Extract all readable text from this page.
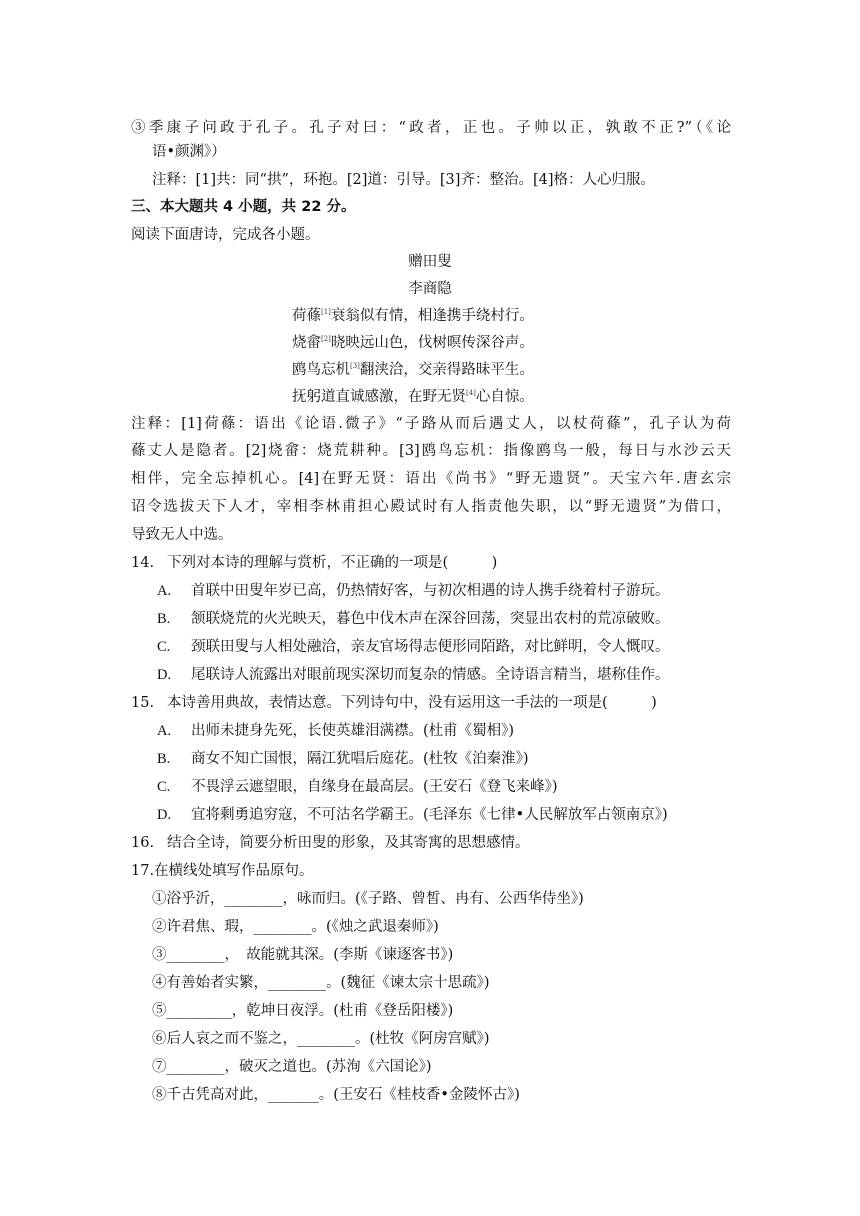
③季康子问政于孔子。孔子对曰：“政者，正也。子帅以正，孰敢不正?”（《论
语•颜渊》）
注释：[1]共：同“拱”，环抱。[2]道：引导。[3]齐：整治。[4]格：人心归服。
三、本大题共 4 小题，共 22 分。
阅读下面唐诗，完成各小题。
赠田叟
李商隐
荷蓧[1]衰翁似有情，相逢携手绕村行。
烧畲[2]晓映远山色，伐树暝传深谷声。
鸥鸟忘机[3]翻浃洽，交亲得路昧平生。
抚躬道直诚感激，在野无贤[4]心自惊。
注释：[1]荷蓧：语出《论语.微子》“子路从而后遇丈人，以杖荷蓧”，孔子认为荷
蓧丈人是隐者。[2]烧畲：烧荒耕种。[3]鸥鸟忘机：指像鸥鸟一般，每日与水沙云天
相伴，完全忘掉机心。[4]在野无贤：语出《尚书》“野无遗贤”。天宝六年.唐玄宗
诏令选拔天下人才，宰相李林甫担心殿试时有人指责他失职，以“野无遗贤”为借口，
导致无人中选。
14. 下列对本诗的理解与赏析，不正确的一项是(　　　)
A. 首联中田叟年岁已高，仍热情好客，与初次相遇的诗人携手绕着村子游玩。
B. 颔联烧荒的火光映天，暮色中伐木声在深谷回荡，突显出农村的荒凉破败。
C. 颈联田叟与人相处融洽，亲友官场得志便形同陌路，对比鲜明，令人慨叹。
D. 尾联诗人流露出对眼前现实深切而复杂的情感。全诗语言精当，堪称佳作。
15. 本诗善用典故，表情达意。下列诗句中，没有运用这一手法的一项是(　　　)
A. 出师未捷身先死，长使英雄泪满襟。(杜甫《蜀相》)
B. 商女不知亡国恨，隔江犹唱后庭花。(杜牧《泊秦淮》)
C. 不畏浮云遮望眼，自缘身在最高层。(王安石《登飞来峰》)
D. 宜将剩勇追穷寇，不可沽名学霸王。(毛泽东《七律•人民解放军占领南京》)
16. 结合全诗，简要分析田叟的形象，及其寄寓的思想感情。
17.在横线处填写作品原句。
①浴乎沂，________，咏而归。(《子路、曾皙、冉有、公西华侍坐》)
②许君焦、瑕，________。(《烛之武退秦师》)
③________，　故能就其深。(李斯《谏逐客书》)
④有善始者实繁，________。(魏征《谏太宗十思疏》)
⑤_________，乾坤日夜浮。(杜甫《登岳阳楼》)
⑥后人哀之而不鉴之，________。(杜牧《阿房宫赋》)
⑦________，破灭之道也。(苏洵《六国论》)
⑧千古凭高对此，_______。(王安石《桂枝香•金陵怀古》)
